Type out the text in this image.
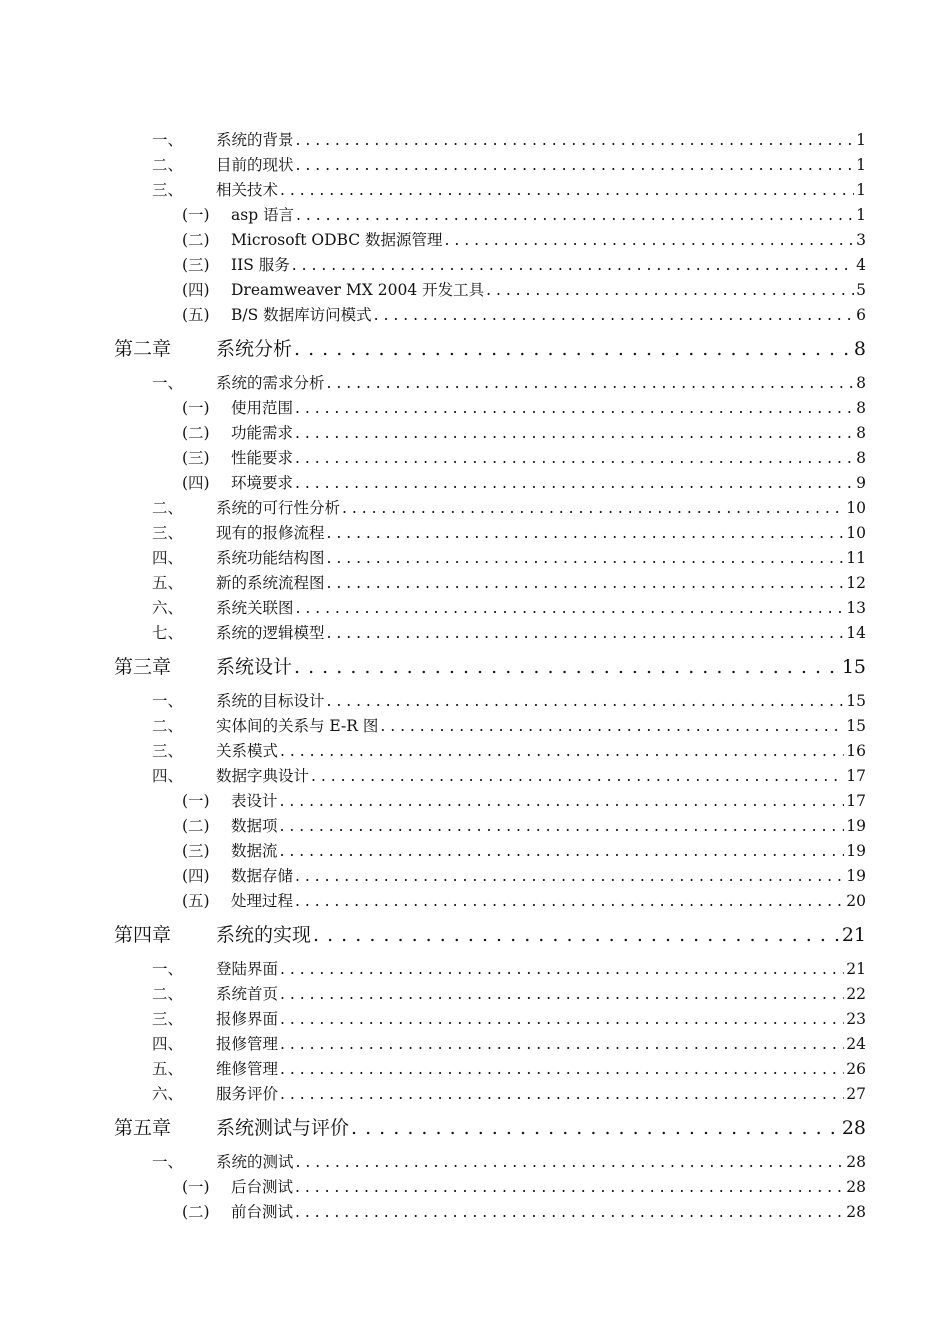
一、	系统的背景 . . .	1
二、	目前的现状 . . .	1
三、	相关技术 . . .	1
(一)	asp 语言 . . .	1
(二)	Microsoft ODBC 数据源管理 . . .	3
(三)	IIS 服务 . . .	4
(四)	Dreamweaver MX 2004 开发工具 . . .	5
(五)	B/S 数据库访问模式 . . .	6
第二章	系统分析 . . .	8
一、	系统的需求分析 . . .	8
(一)	使用范围 . . .	8
(二)	功能需求 . . .	8
(三)	性能要求 . . .	8
(四)	环境要求 . . .	9
二、	系统的可行性分析 . . .	10
三、	现有的报修流程 . . .	10
四、	系统功能结构图 . . .	11
五、	新的系统流程图 . . .	12
六、	系统关联图 . . .	13
七、	系统的逻辑模型 . . .	14
第三章	系统设计 . . .	15
一、	系统的目标设计 . . .	15
二、	实体间的关系与 E-R 图 . . .	15
三、	关系模式 . . .	16
四、	数据字典设计 . . .	17
(一)	表设计 . . .	17
(二)	数据项 . . .	19
(三)	数据流 . . .	19
(四)	数据存储 . . .	19
(五)	处理过程 . . .	20
第四章	系统的实现 . . .	21
一、	登陆界面 . . .	21
二、	系统首页 . . .	22
三、	报修界面 . . .	23
四、	报修管理 . . .	24
五、	维修管理 . . .	26
六、	服务评价 . . .	27
第五章	系统测试与评价 . . .	28
一、	系统的测试 . . .	28
(一)	后台测试 . . .	28
(二)	前台测试 . . .	28
